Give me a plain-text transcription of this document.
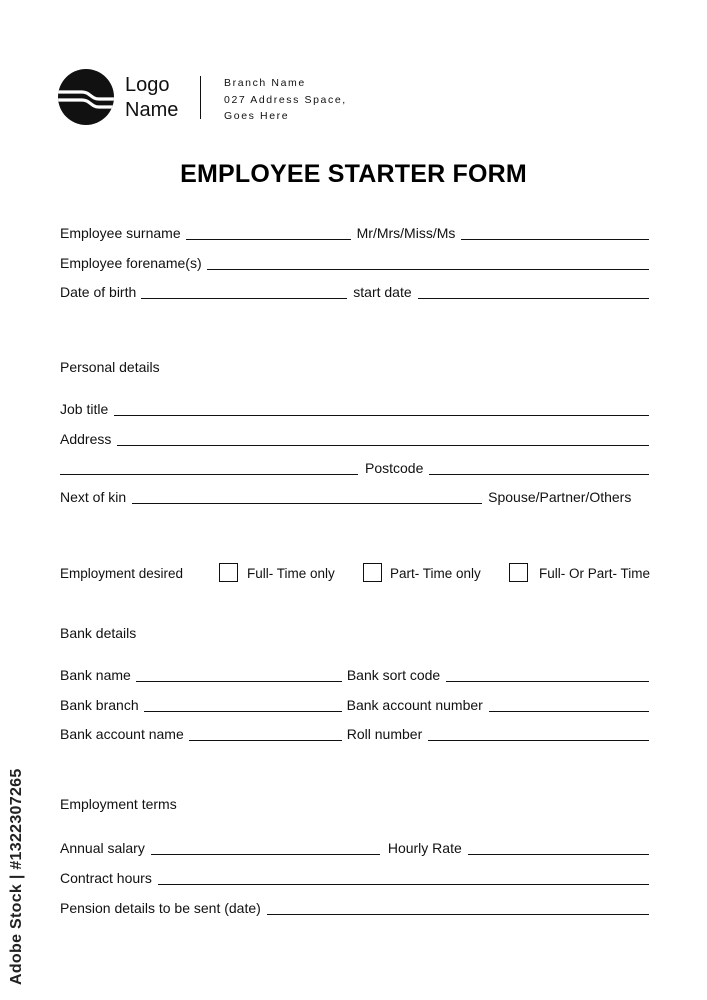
Logo
Name
Branch Name
027 Address Space,
Goes Here
EMPLOYEE STARTER FORM
Employee surname	Mr/Mrs/Miss/Ms
Employee forename(s)
Date of birth	start date
Personal details
Job title
Address
Postcode
Next of kin	Spouse/Partner/Others
Employment desired	Full- Time only	Part- Time only	Full- Or Part- Time
Bank details
Bank name	Bank sort code
Bank branch	Bank account number
Bank account name	Roll number
Employment terms
Annual salary	Hourly Rate
Contract hours
Pension details to be sent (date)
Adobe Stock | #1322307265
